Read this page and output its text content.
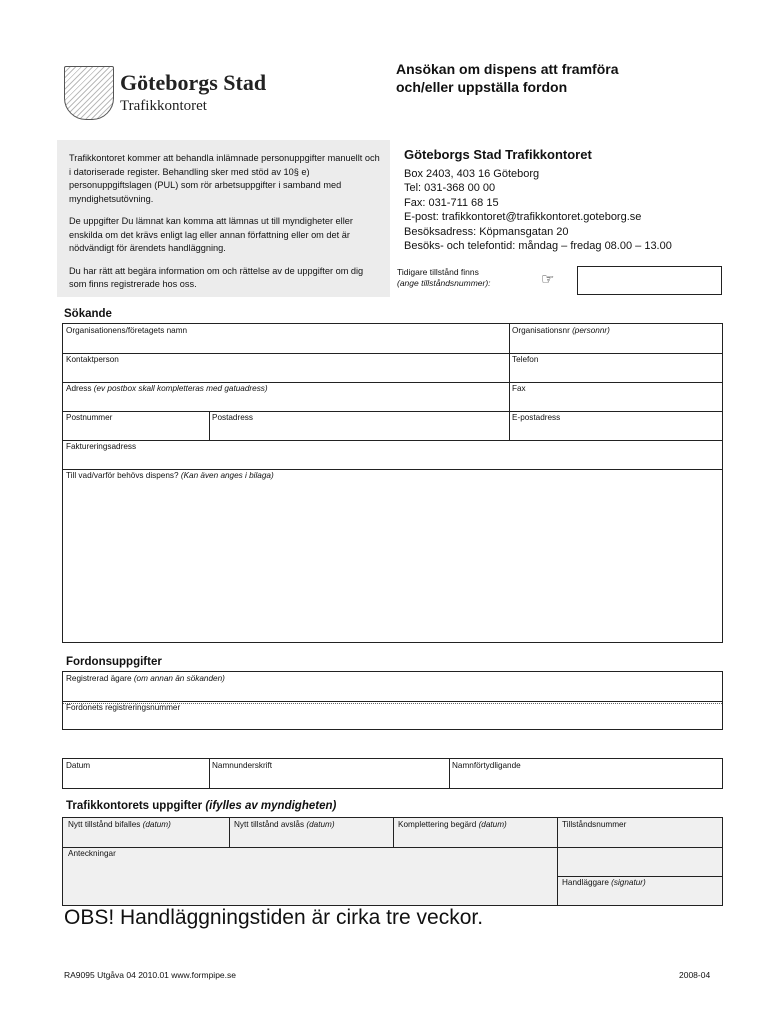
Göteborgs Stad
Trafikkontoret
Ansökan om dispens att framföra
och/eller uppställa fordon

Trafikkontoret kommer att behandla inlämnade personuppgifter manuellt och i datoriserade register. Behandling sker med stöd av 10§ e) personuppgiftslagen (PUL) som rör arbetsuppgifter i samband med myndighetsutövning.

De uppgifter Du lämnat kan komma att lämnas ut till myndigheter eller enskilda om det krävs enligt lag eller annan författning eller om det är nödvändigt för ärendets handläggning.

Du har rätt att begära information om och rättelse av de uppgifter om dig som finns registrerade hos oss.

Göteborgs Stad Trafikkontoret
Box 2403, 403 16 Göteborg
Tel: 031-368 00 00
Fax: 031-711 68 15
E-post: trafikkontoret@trafikkontoret.goteborg.se
Besöksadress: Köpmansgatan 20
Besöks- och telefontid: måndag – fredag 08.00 – 13.00
Tidigare tillstånd finns
(ange tillståndsnummer):	☞
Sökande
Organisationens/företagets namn	Organisationsnr (personnr)
Kontaktperson	Telefon
Adress (ev postbox skall kompletteras med gatuadress)	Fax
Postnummer	Postadress	E-postadress
Faktureringsadress
Till vad/varför behövs dispens? (Kan även anges i bilaga)
Fordonsuppgifter
Registrerad ägare (om annan än sökanden)
Fordonets registreringsnummer
Datum	Namnunderskrift	Namnförtydligande
Trafikkontorets uppgifter (ifylles av myndigheten)
Nytt tillstånd bifalles (datum)	Nytt tillstånd avslås (datum)	Komplettering begärd (datum)	Tillståndsnummer
Anteckningar
Handläggare (signatur)
OBS! Handläggningstiden är cirka tre veckor.
RA9095 Utgåva 04 2010.01 www.formpipe.se	2008-04
